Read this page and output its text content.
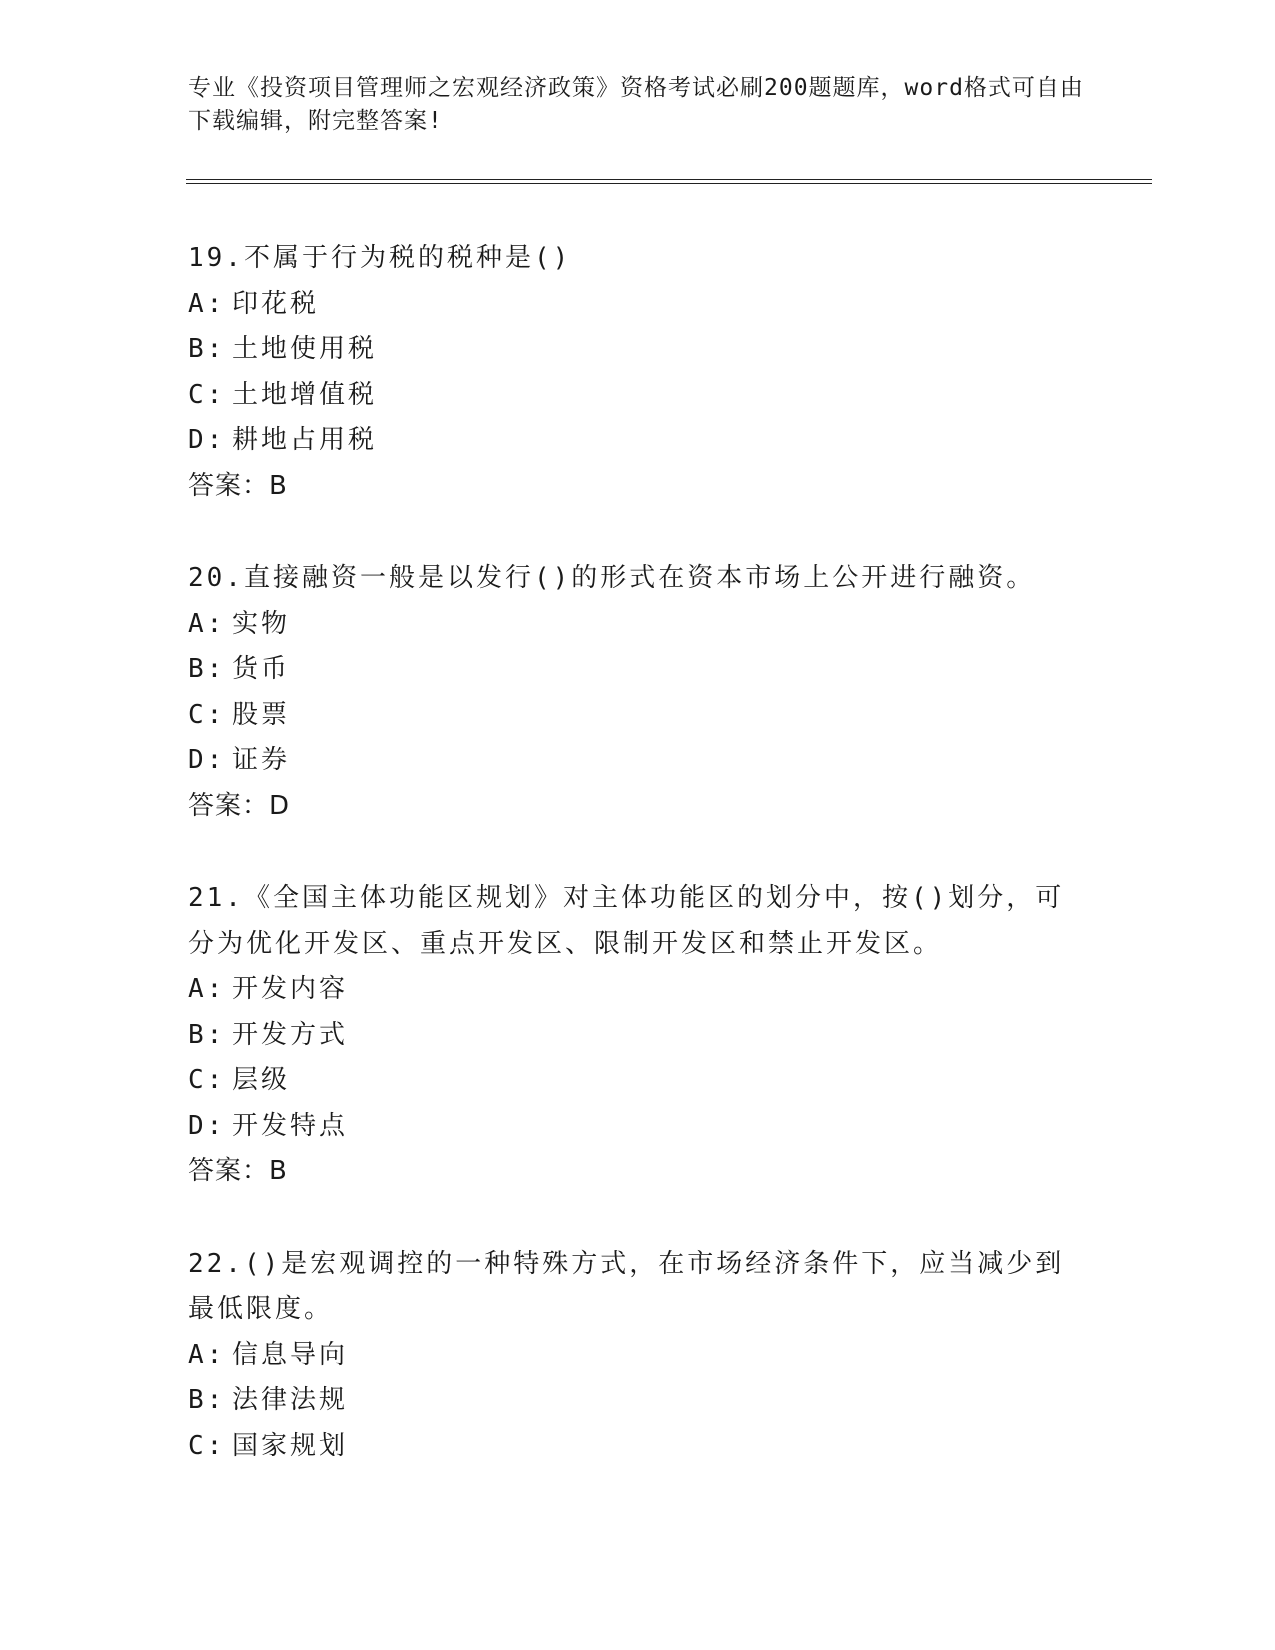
专业《投资项目管理师之宏观经济政策》资格考试必刷200题题库，word格式可自由下载编辑，附完整答案!

19.不属于行为税的税种是()

A: 印花税

B: 土地使用税

C: 土地增值税

D: 耕地占用税

答案：B

20.直接融资一般是以发行()的形式在资本市场上公开进行融资。

A: 实物

B: 货币

C: 股票

D: 证券

答案：D

21.《全国主体功能区规划》对主体功能区的划分中，按()划分，可分为优化开发区、重点开发区、限制开发区和禁止开发区。

A: 开发内容

B: 开发方式

C: 层级

D: 开发特点

答案：B

22.()是宏观调控的一种特殊方式，在市场经济条件下，应当减少到最低限度。

A: 信息导向

B: 法律法规

C: 国家规划
